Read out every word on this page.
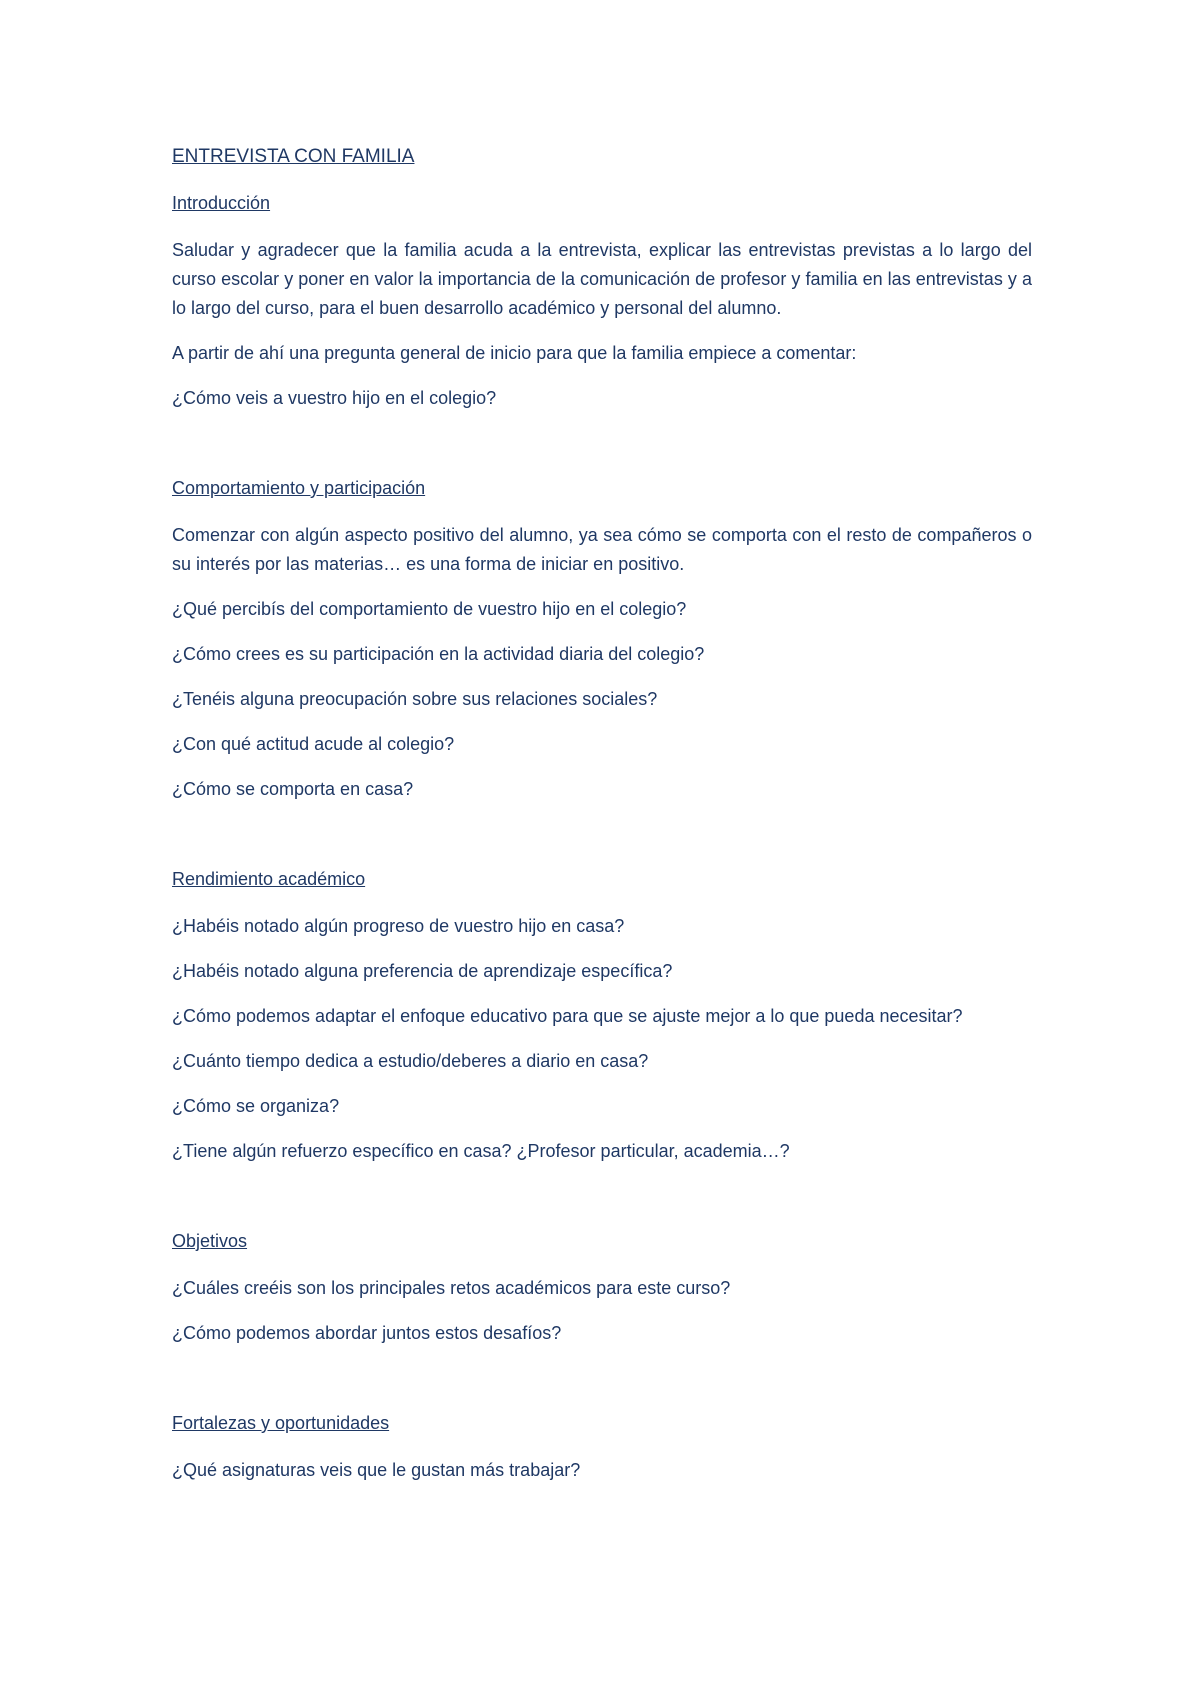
ENTREVISTA CON FAMILIA
Introducción

Saludar y agradecer que la familia acuda a la entrevista, explicar las entrevistas previstas a lo largo del curso escolar y poner en valor la importancia de la comunicación de profesor y familia en las entrevistas y a lo largo del curso, para el buen desarrollo académico y personal del alumno.

A partir de ahí una pregunta general de inicio para que la familia empiece a comentar:

¿Cómo veis a vuestro hijo en el colegio?

Comportamiento y participación

Comenzar con algún aspecto positivo del alumno, ya sea cómo se comporta con el resto de compañeros o su interés por las materias… es una forma de iniciar en positivo.

¿Qué percibís del comportamiento de vuestro hijo en el colegio?

¿Cómo crees es su participación en la actividad diaria del colegio?

¿Tenéis alguna preocupación sobre sus relaciones sociales?

¿Con qué actitud acude al colegio?

¿Cómo se comporta en casa?

Rendimiento académico

¿Habéis notado algún progreso de vuestro hijo en casa?

¿Habéis notado alguna preferencia de aprendizaje específica?

¿Cómo podemos adaptar el enfoque educativo para que se ajuste mejor a lo que pueda necesitar?

¿Cuánto tiempo dedica a estudio/deberes a diario en casa?

¿Cómo se organiza?

¿Tiene algún refuerzo específico en casa? ¿Profesor particular, academia…?

Objetivos

¿Cuáles creéis son los principales retos académicos para este curso?

¿Cómo podemos abordar juntos estos desafíos?

Fortalezas y oportunidades

¿Qué asignaturas veis que le gustan más trabajar?
